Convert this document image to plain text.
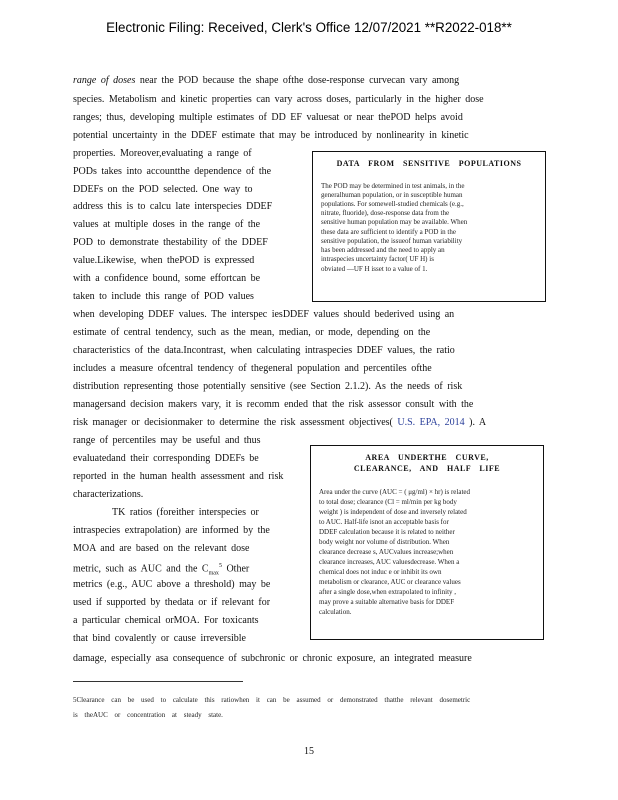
Electronic Filing: Received, Clerk's Office 12/07/2021 **R2022-018**
range of doses near the POD because the shape ofthe dose-response curvecan vary among
species. Metabolism and kinetic properties can vary across doses, particularly in the higher dose
ranges; thus, developing multiple estimates of DD EF valuesat or near thePOD helps avoid
potential uncertainty in the DDEF estimate that may be introduced by nonlinearity in kinetic
properties. Moreover,evaluating a range of
PODs takes into accountthe dependence of the
DDEFs on the POD selected. One way to
address this is to calcu late interspecies DDEF
values at multiple doses in the range of the
POD to demonstrate thestability of the DDEF
value.Likewise, when thePOD is expressed
with a confidence bound, some effortcan be
taken to include this range of POD values
DATA FROM SENSITIVE POPULATIONS
The POD may be determined in test animals, in the
generalhuman population, or in susceptible human
populations. For somewell-studied chemicals (e.g.,
nitrate, fluoride), dose-response data from the
sensitive human population may be available. When
these data are sufficient to identify a POD in the
sensitive population, the issueof human variability
has been addressed and the need to apply an
intraspecies uncertainty factor( UF H) is
obviated —UF H isset to a value of 1.
when developing DDEF values. The interspec iesDDEF values should bederived using an
estimate of central tendency, such as the mean, median, or mode, depending on the
characteristics of the data.Incontrast, when calculating intraspecies DDEF values, the ratio
includes a measure ofcentral tendency of thegeneral population and percentiles ofthe
distribution representing those potentially sensitive (see Section 2.1.2). As the needs of risk
managersand decision makers vary, it is recomm ended that the risk assessor consult with the
risk manager or decisionmaker to determine the risk assessment objectives( U.S. EPA, 2014 ). A
range of percentiles may be useful and thus
evaluatedand their corresponding DDEFs be
reported in the human health assessment and risk
characterizations.
TK ratios (foreither interspecies or
intraspecies extrapolation) are informed by the
MOA and are based on the relevant dose
metric, such as AUC and the $C_{max}^5$ Other
metrics (e.g., AUC above a threshold) may be
used if supported by thedata or if relevant for
a particular chemical orMOA. For toxicants
that bind covalently or cause irreversible
damage, especially asa consequence of subchronic or chronic exposure, an integrated measure
AREA UNDERTHE CURVE,
CLEARANCE, AND HALF LIFE
Area under the curve (AUC = ( μg/ml) × hr) is related
to total dose; clearance (Cl = ml/min per kg body
weight ) is independent of dose and inversely related
to AUC. Half-life isnot an acceptable basis for
DDEF calculation because it is related to neither
body weight nor volume of distribution. When
clearance decrease s, AUCvalues increase;when
clearance increases, AUC valuesdecrease. When a
chemical does not induc e or inhibit its own
metabolism or clearance, AUC or clearance values
after a single dose,when extrapolated to infinity ,
may prove a suitable alternative basis for DDEF
calculation.
5Clearance can be used to calculate this ratiowhen it can be assumed or demonstrated thatthe relevant dosemetric
is theAUC or concentration at steady state.
15
